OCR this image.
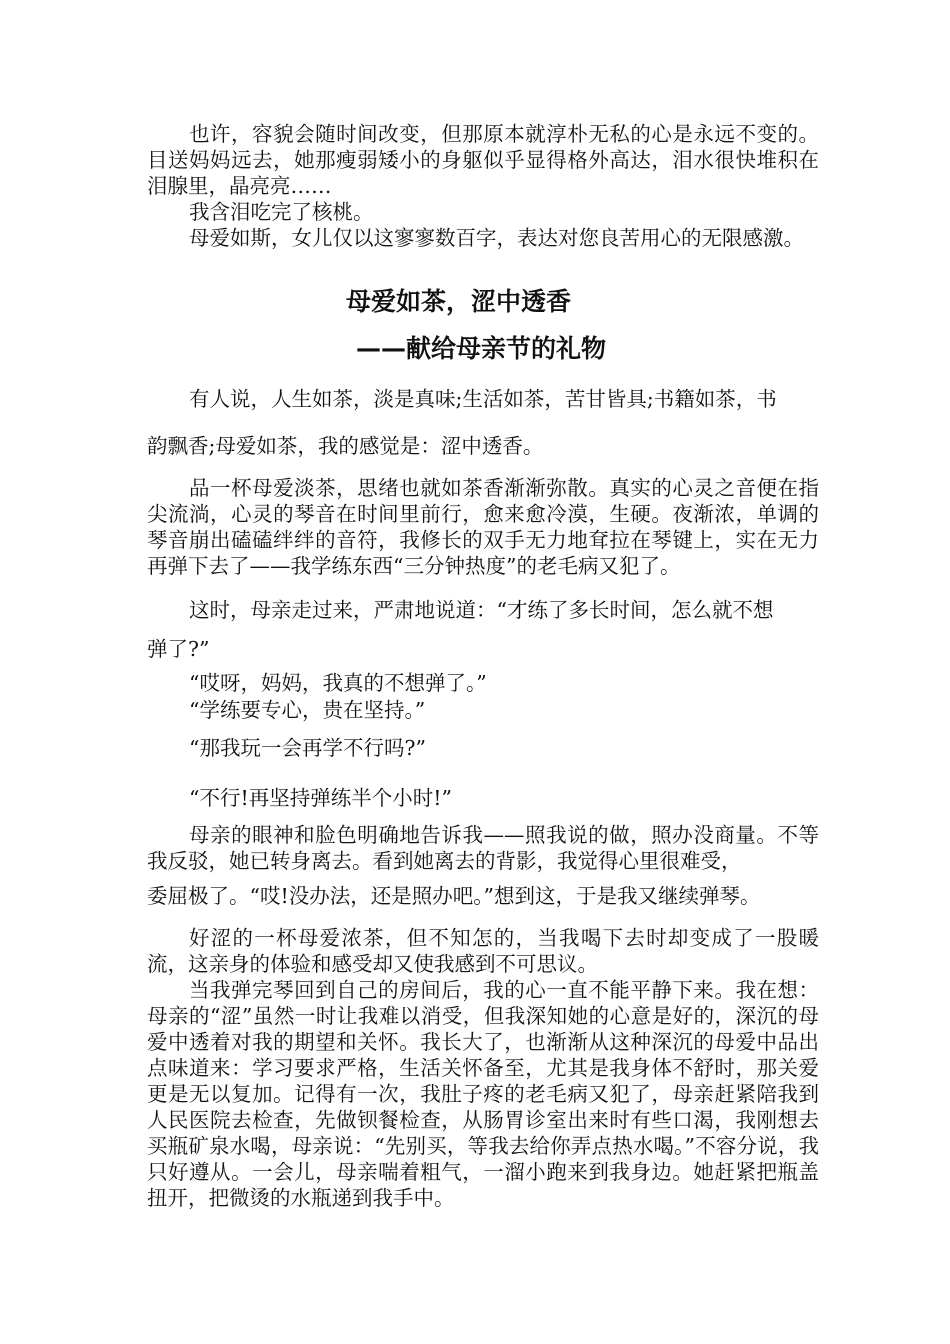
也许，容貌会随时间改变，但那原本就淳朴无私的心是永远不变的。目送妈妈远去，她那瘦弱矮小的身躯似乎显得格外高达，泪水很快堆积在泪腺里，晶亮亮……

我含泪吃完了核桃。

母爱如斯，女儿仅以这寥寥数百字，表达对您良苦用心的无限感激。

母爱如茶，涩中透香
——献给母亲节的礼物

有人说，人生如茶，淡是真味;生活如茶，苦甘皆具;书籍如茶，书

韵飘香;母爱如茶，我的感觉是：涩中透香。

品一杯母爱淡茶，思绪也就如茶香渐渐弥散。真实的心灵之音便在指尖流淌，心灵的琴音在时间里前行，愈来愈冷漠，生硬。夜渐浓，单调的琴音崩出磕磕绊绊的音符，我修长的双手无力地耷拉在琴键上，实在无力再弹下去了——我学练东西“三分钟热度”的老毛病又犯了。

这时，母亲走过来，严肃地说道：“才练了多长时间，怎么就不想

弹了?”

“哎呀，妈妈，我真的不想弹了。”

“学练要专心，贵在坚持。”

“那我玩一会再学不行吗?”

“不行!再坚持弹练半个小时!”

母亲的眼神和脸色明确地告诉我——照我说的做，照办没商量。不等我反驳，她已转身离去。看到她离去的背影，我觉得心里很难受，

委屈极了。“哎!没办法，还是照办吧。”想到这，于是我又继续弹琴。

好涩的一杯母爱浓茶，但不知怎的，当我喝下去时却变成了一股暖流，这亲身的体验和感受却又使我感到不可思议。

当我弹完琴回到自己的房间后，我的心一直不能平静下来。我在想：母亲的“涩”虽然一时让我难以消受，但我深知她的心意是好的，深沉的母爱中透着对我的期望和关怀。我长大了，也渐渐从这种深沉的母爱中品出点味道来：学习要求严格，生活关怀备至，尤其是我身体不舒时，那关爱更是无以复加。记得有一次，我肚子疼的老毛病又犯了，母亲赶紧陪我到人民医院去检查，先做钡餐检查，从肠胃诊室出来时有些口渴，我刚想去买瓶矿泉水喝，母亲说：“先别买，等我去给你弄点热水喝。”不容分说，我只好遵从。一会儿，母亲喘着粗气，一溜小跑来到我身边。她赶紧把瓶盖扭开，把微烫的水瓶递到我手中。
